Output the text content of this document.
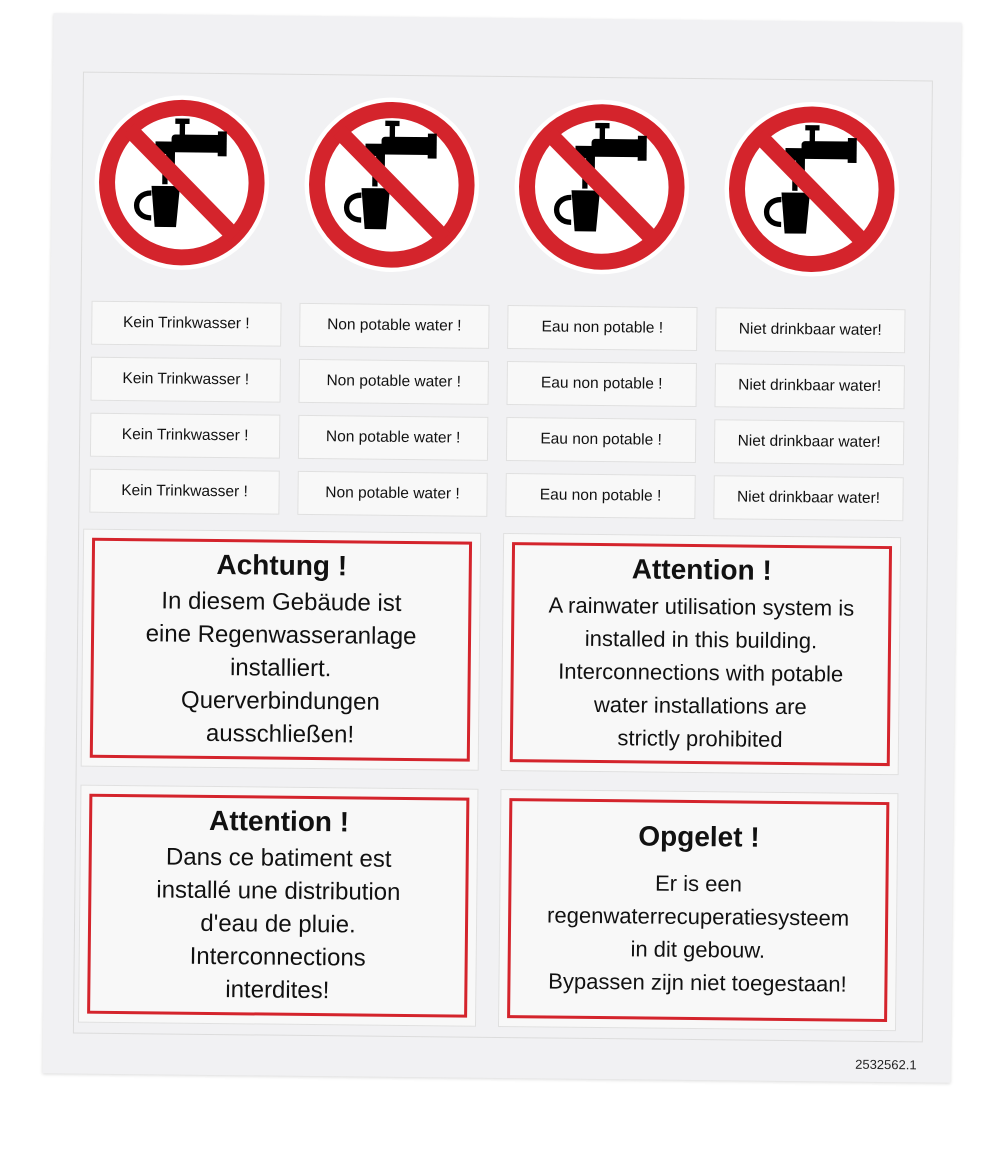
Kein Trinkwasser !	Non potable water !	Eau non potable !	Niet drinkbaar water!
Kein Trinkwasser !	Non potable water !	Eau non potable !	Niet drinkbaar water!
Kein Trinkwasser !	Non potable water !	Eau non potable !	Niet drinkbaar water!
Kein Trinkwasser !	Non potable water !	Eau non potable !	Niet drinkbaar water!
Achtung !
In diesem Gebäude ist
eine Regenwasseranlage
installiert.
Querverbindungen
ausschließen!
Attention !
A rainwater utilisation system is
installed in this building.
Interconnections with potable
water installations are
strictly prohibited
Attention !
Dans ce batiment est
installé une distribution
d'eau de pluie.
Interconnections
interdites!
Opgelet !
Er is een
regenwaterrecuperatiesysteem
in dit gebouw.
Bypassen zijn niet toegestaan!
2532562.1
